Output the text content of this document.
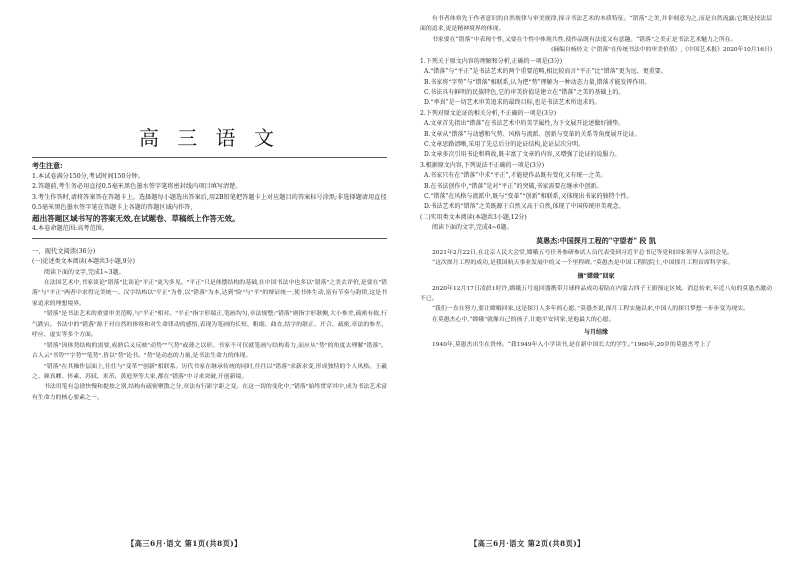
高 三 语 文
考生注意:
1.本试卷满分150分,考试时间150分钟。
2.答题前,考生务必用直径0.5毫米黑色墨水签字笔将密封线内项目填写清楚。
3.考生作答时,请将答案答在答题卡上。选择题每小题选出答案后,用2B铅笔把答题卡上对应题目的答案标号涂黑;非选择题请用直径0.5毫米黑色墨水签字笔在答题卡上各题的答题区域内作答,
超出答题区域书写的答案无效,在试题卷、草稿纸上作答无效。
4.本卷命题范围:高考范围。
一、现代文阅读(36分)
(一)论述类文本阅读(本题共3小题,9分)
阅读下面的文字,完成1~3题。

在法国艺术中,书家谈论"错落"比谈论"平正"更为多见。"平正"只是体摆结构的基础,在中国书法中也多以"错落"之美去评价,是要在"错落"与"平正"两者中求得完美统一。汉字结构以"平正"为骨,以"错落"为本,达到"险"与"平"的辩证统一,使书体生动,富有节奏与韵律,这是书家追求的理想境界。

"错落"是书法艺术的重要审美范畴,与"平正"相对。"平正"指字形端正,笔画均匀,章法规整;"错落"则指字形欹侧,大小参差,疏密有致,行气跌宕。书法中的"错落"源于对自然的体察和对生命律动的感悟,表现为笔画的长短、粗细、曲直,结字的欹正、开合、疏密,章法的参差、呼应、虚实等多个方面。

"错落"因体势结构的需要,成熟后又反映"动势""气势"或薄之以形。书家不可仅就笔画与结构着力,而应从"势"的角度去理解"错落"。古人云"书势""字势""笔势",皆以"势"论书。"势"是动态的力量,是书法生命力的体现。

"错落"在其操作层面上,往往与"变革""创新"相联系。历代书家在继承传统的同时,往往以"错落"求新求变,形成独特的个人风格。王羲之、颜真卿、怀素、苏轼、米芾、黄庭坚等大家,都在"错落"中寻求突破,开创新境。

书法用笔有急徐快慢和提按之别,结构有疏密聚散之分,章法有行距字距之变。在这一切的变化中,"错落"始终贯穿其中,成为书法艺术富有生命力的核心要素之一。

【高三6月·语文 第1页(共8页)】

有书者体察先于作者意识的自然规律与审美规律,探寻书法艺术的本质特征。“错落”之美,并非刻意为之,而是自然流露;它既是技法层面的追求,更是精神境界的体现。

书家要在“错落”中表现个性,又要在个性中体现共性,使作品既有法度又有意趣。“错落”之美正是书法艺术魅力之所在。

(摘编自杨经文《"错落"在传统书法中的审美价值》,《中国艺术报》2020年10月16日)

1.下列关于原文内容的理解和分析,正确的一项是(3分)

A.“错落”与“平正”是书法艺术的两个重要范畴,相比较而言“平正”比“错落”更为远、更重要。

B.书家将“字势”与“错落”相联系,认为把“势”理解为一种动态力量,错落才能发挥作用。

C.书法具有鲜明的民族特色,它的审美价值是建立在“错落”之美的基础上的。

D.“率真”是一切艺术审美追求的最终目标,也是书法艺术所追求的。

2.下列对原文论证的相关分析,不正确的一项是(3分)

A.文章首先指出“错落”在书法艺术中的美学属性,为下文展开论述做好铺垫。

B.文章从“错落”与动感和气势、风格与流派、创新与变革的关系等角度展开论证。

C.文章思路清晰,采用了先总后分的论证结构,论证层次分明。

D.文章多次引用书论和典故,既丰富了文章的内容,又增强了论证的说服力。

3.根据原文内容,下列说法不正确的一项是(3分)

A.书家只有在“错落”中求“平正”,才能使作品既有变化又有统一之美。

B.在书法创作中,“错落”是对“平正”的突破,书家需要在继承中创新。

C.“错落”在风格与流派中,既与“变革”“创新”相联系,又体现出书家的独特个性。

D.书法艺术的“错落”之美既源于自然又高于自然,体现了中国传统审美观念。

(二)实用类文本阅读(本题共3小题,12分)

阅读下面的文字,完成4~6题。

莫愚杰:中国探月工程的"守望者" 段 凯

2021年2月22日,在北京人民大会堂,嫦娥五号任务参研参试人员代表受到习近平总书记等党和国家领导人亲切会见。

“这次探月工程的成功,是我国航天事业发展中的又一个里程碑。”莫愚杰是中国工程院院士,中国探月工程首席科学家。

摘“嫦娥”回家

2020年12月17日凌晨1时许,嫦娥五号返回器携带月球样品成功着陆在内蒙古四子王旗预定区域。消息传来,年近八旬的莫愚杰激动不已。

“我们一直在努力,要让嫦娥回家,这是探月人多年的心愿。”莫愚杰说,探月工程实施以来,中国人的探月梦想一步步变为现实。

在莫愚杰心中,“嫦娥”就像自己的孩子,让她平安回家,是他最大的心愿。

与月结缘

1940年,莫愚杰出生在贵州。“我1949年入小学读书,是在新中国长大的学生。”1960年,20岁的莫愚杰考上了

【高三6月·语文 第2页(共8页)】
